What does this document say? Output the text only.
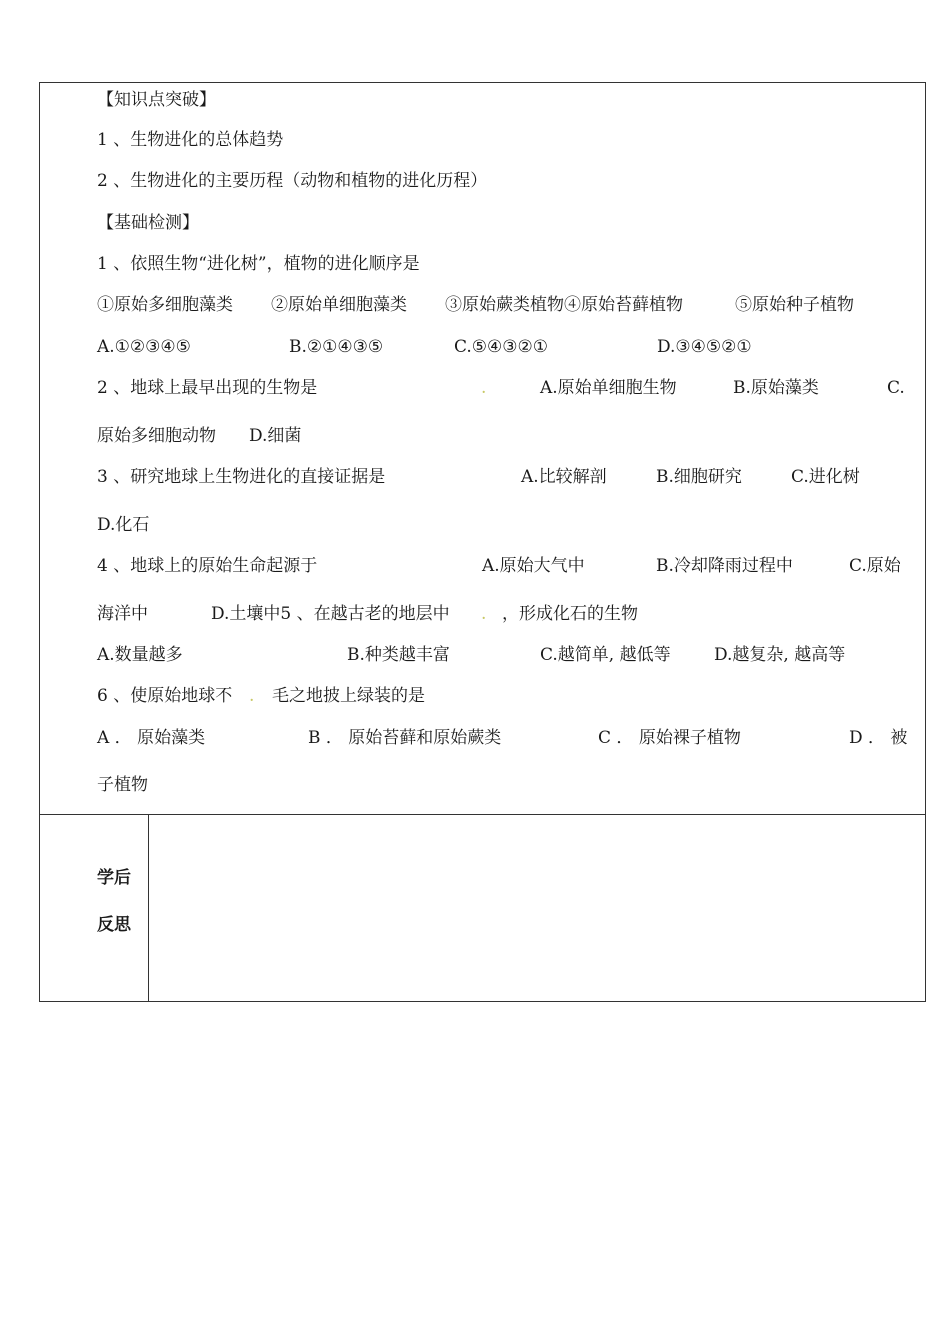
【知识点突破】
1 、生物进化的总体趋势
2 、生物进化的主要历程（动物和植物的进化历程）
【基础检测】
1 、依照生物“进化树”，植物的进化顺序是
①原始多细胞藻类 ②原始单细胞藻类 ③原始蕨类植物④原始苔藓植物	⑤原始种子植物
A.①②③④⑤	B.②①④③⑤	C.⑤④③②①	D.③④⑤②①
2 、地球上最早出现的生物是	.	A.原始单细胞生物	B.原始藻类	C.
原始多细胞动物 D.细菌
3 、研究地球上生物进化的直接证据是	A.比较解剖	B.细胞研究	C.进化树
D.化石
4 、地球上的原始生命起源于	A.原始大气中	B.冷却降雨过程中	C.原始
海洋中	D.土壤中5 、在越古老的地层中 . ，形成化石的生物
A.数量越多	B.种类越丰富	C.越简单, 越低等	D.越复杂, 越高等
6 、使原始地球不 . 毛之地披上绿装的是
A ． 原始藻类	B ． 原始苔藓和原始蕨类	C ． 原始裸子植物	D ． 被
子植物
学后
反思
